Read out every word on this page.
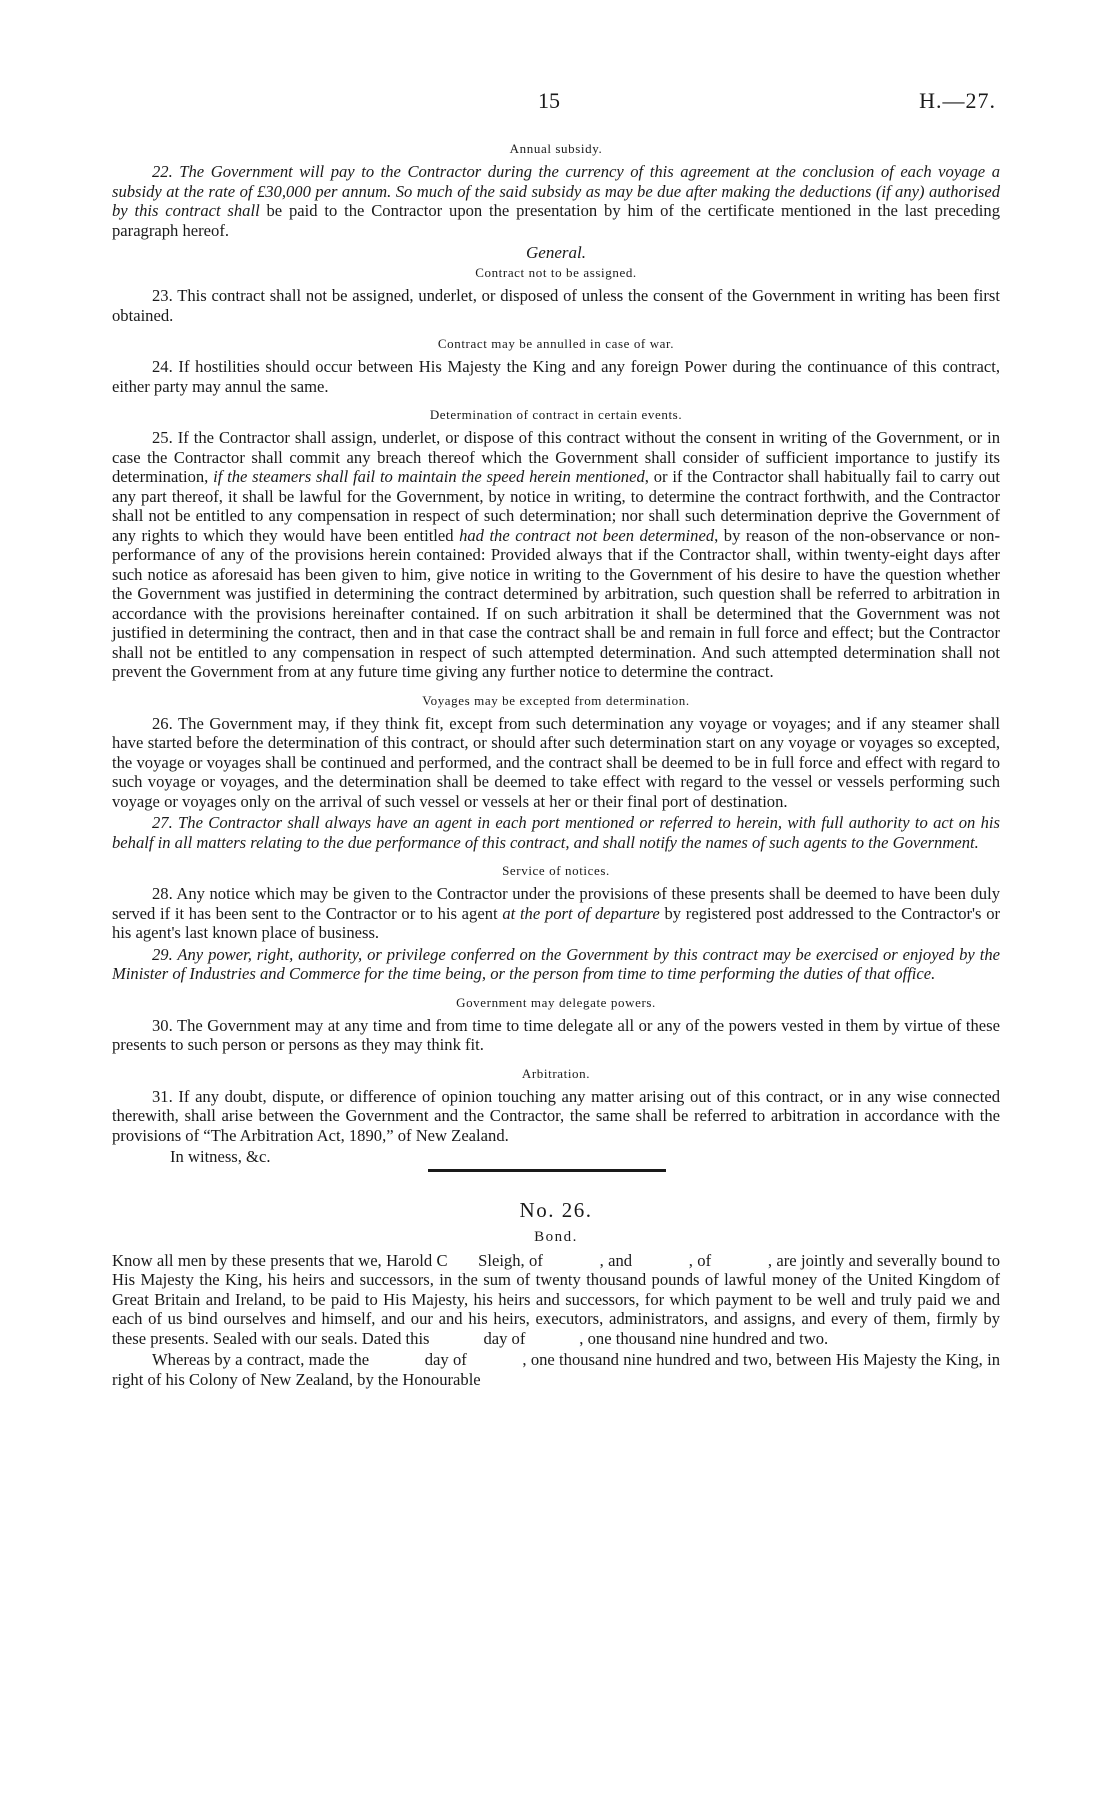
15	H.—27.
Annual subsidy.

22. The Government will pay to the Contractor during the currency of this agreement at the conclusion of each voyage a subsidy at the rate of £30,000 per annum. So much of the said subsidy as may be due after making the deductions (if any) authorised by this contract shall be paid to the Contractor upon the presentation by him of the certificate mentioned in the last preceding paragraph hereof.

General.
Contract not to be assigned.

23. This contract shall not be assigned, underlet, or disposed of unless the consent of the Government in writing has been first obtained.

Contract may be annulled in case of war.

24. If hostilities should occur between His Majesty the King and any foreign Power during the continuance of this contract, either party may annul the same.

Determination of contract in certain events.

25. If the Contractor shall assign, underlet, or dispose of this contract without the consent in writing of the Government, or in case the Contractor shall commit any breach thereof which the Government shall consider of sufficient importance to justify its determination, if the steamers shall fail to maintain the speed herein mentioned, or if the Contractor shall habitually fail to carry out any part thereof, it shall be lawful for the Government, by notice in writing, to determine the contract forthwith, and the Contractor shall not be entitled to any compensation in respect of such determination; nor shall such determination deprive the Government of any rights to which they would have been entitled had the contract not been determined, by reason of the non-observance or non-performance of any of the provisions herein contained: Provided always that if the Contractor shall, within twenty-eight days after such notice as aforesaid has been given to him, give notice in writing to the Government of his desire to have the question whether the Government was justified in determining the contract determined by arbitration, such question shall be referred to arbitration in accordance with the provisions hereinafter contained. If on such arbitration it shall be determined that the Government was not justified in determining the contract, then and in that case the contract shall be and remain in full force and effect; but the Contractor shall not be entitled to any compensation in respect of such attempted determination. And such attempted determination shall not prevent the Government from at any future time giving any further notice to determine the contract.

Voyages may be excepted from determination.

26. The Government may, if they think fit, except from such determination any voyage or voyages; and if any steamer shall have started before the determination of this contract, or should after such determination start on any voyage or voyages so excepted, the voyage or voyages shall be continued and performed, and the contract shall be deemed to be in full force and effect with regard to such voyage or voyages, and the determination shall be deemed to take effect with regard to the vessel or vessels performing such voyage or voyages only on the arrival of such vessel or vessels at her or their final port of destination.

27. The Contractor shall always have an agent in each port mentioned or referred to herein, with full authority to act on his behalf in all matters relating to the due performance of this contract, and shall notify the names of such agents to the Government.

Service of notices.

28. Any notice which may be given to the Contractor under the provisions of these presents shall be deemed to have been duly served if it has been sent to the Contractor or to his agent at the port of departure by registered post addressed to the Contractor's or his agent's last known place of business.

29. Any power, right, authority, or privilege conferred on the Government by this contract may be exercised or enjoyed by the Minister of Industries and Commerce for the time being, or the person from time to time performing the duties of that office.

Government may delegate powers.

30. The Government may at any time and from time to time delegate all or any of the powers vested in them by virtue of these presents to such person or persons as they may think fit.

Arbitration.

31. If any doubt, dispute, or difference of opinion touching any matter arising out of this contract, or in any wise connected therewith, shall arise between the Government and the Contractor, the same shall be referred to arbitration in accordance with the provisions of “The Arbitration Act, 1890,” of New Zealand.

In witness, &c.
No. 26.
Bond.

Know all men by these presents that we, Harold C       Sleigh, of             , and             , of             , are jointly and severally bound to His Majesty the King, his heirs and successors, in the sum of twenty thousand pounds of lawful money of the United Kingdom of Great Britain and Ireland, to be paid to His Majesty, his heirs and successors, for which payment to be well and truly paid we and each of us bind ourselves and himself, and our and his heirs, executors, administrators, and assigns, and every of them, firmly by these presents. Sealed with our seals. Dated this             day of             , one thousand nine hundred and two.

Whereas by a contract, made the             day of             , one thousand nine hundred and two, between His Majesty the King, in right of his Colony of New Zealand, by the Honourable
